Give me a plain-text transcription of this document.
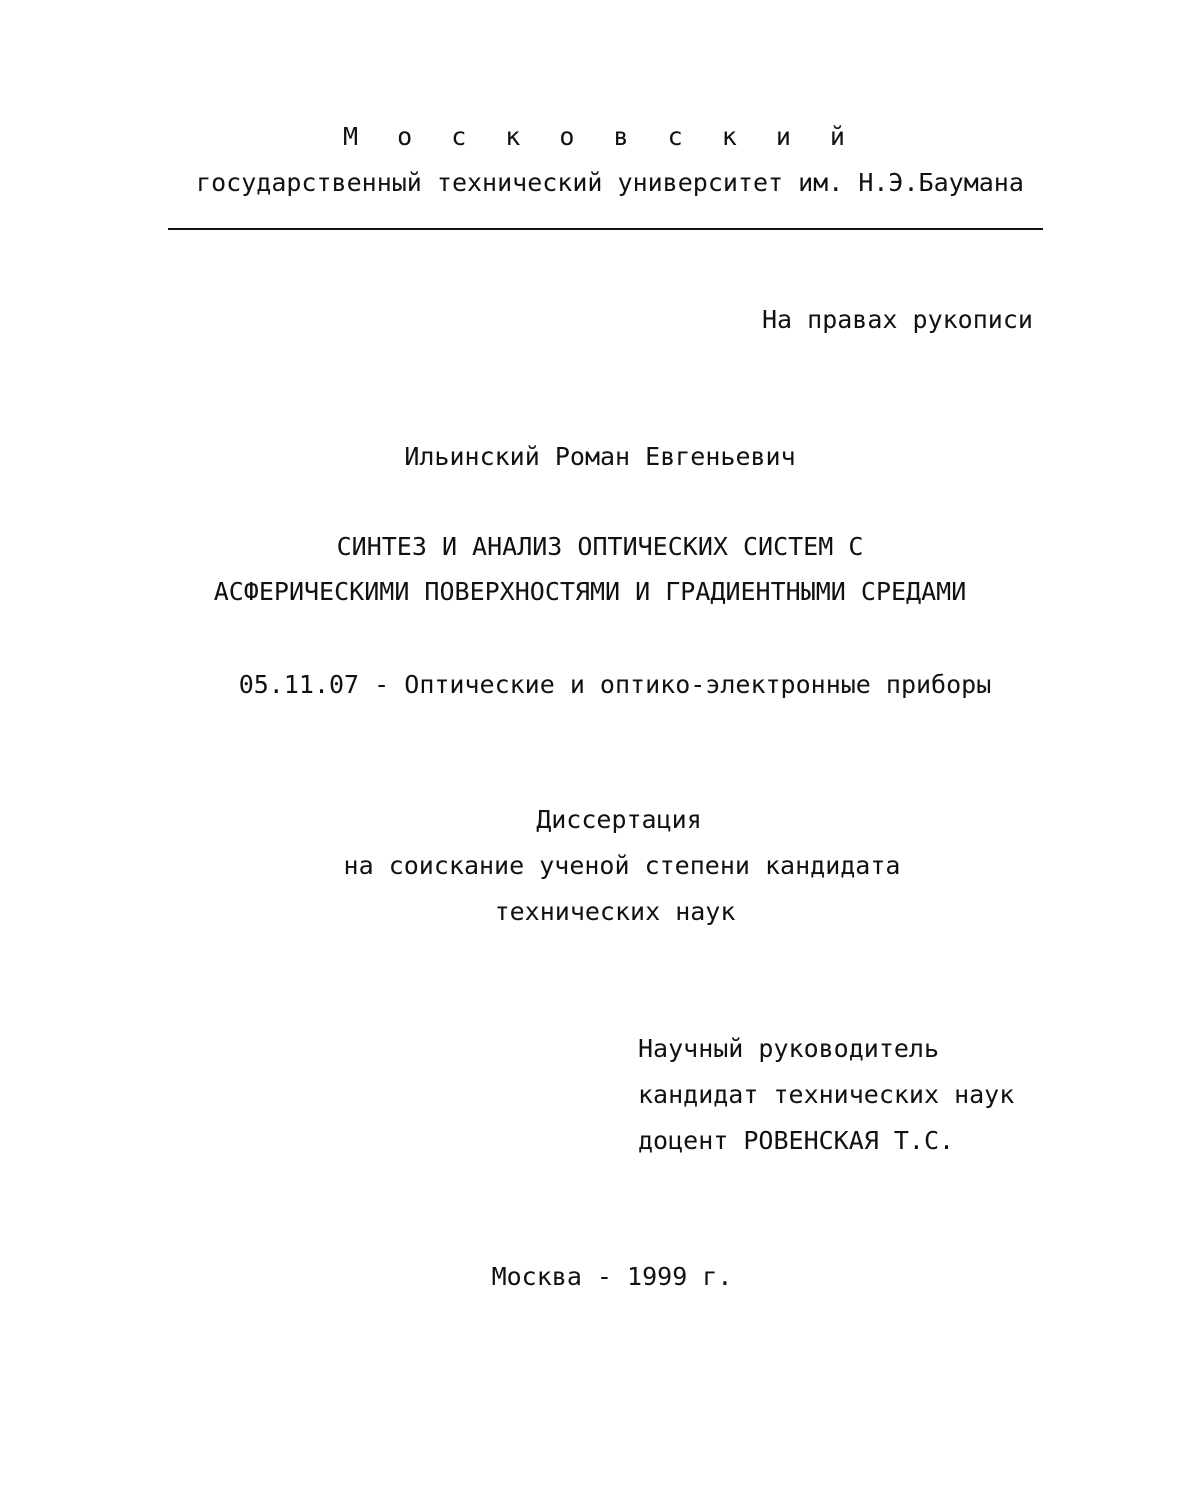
М о с к о в с к и й
государственный технический университет им. Н.Э.Баумана
На правах рукописи
Ильинский Роман Евгеньевич
СИНТЕЗ И АНАЛИЗ ОПТИЧЕСКИХ СИСТЕМ С
АСФЕРИЧЕСКИМИ ПОВЕРХНОСТЯМИ И ГРАДИЕНТНЫМИ СРЕДАМИ
05.11.07 - Оптические и оптико-электронные приборы
Диссертация
на соискание ученой степени кандидата
технических наук
Научный руководитель
кандидат технических наук
доцент РОВЕНСКАЯ Т.С.
Москва - 1999 г.
